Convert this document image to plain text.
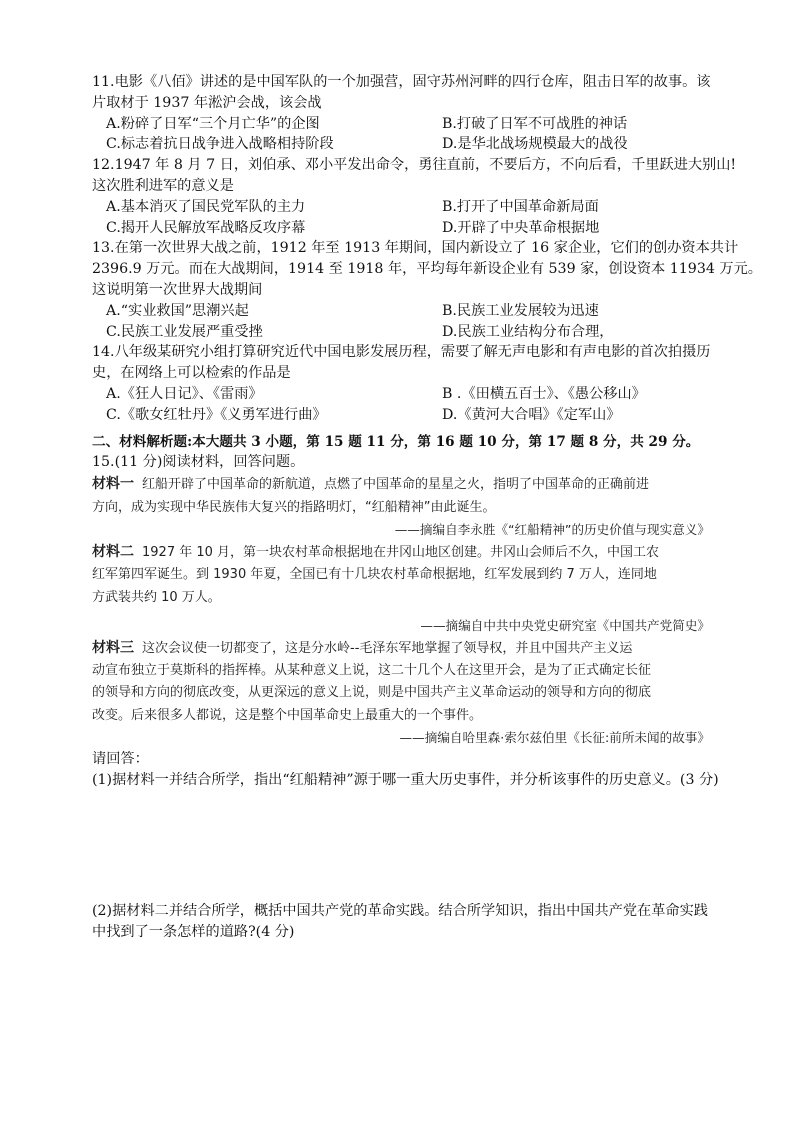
11.电影《八佰》讲述的是中国军队的一个加强营，固守苏州河畔的四行仓库，阻击日军的故事。该
片取材于 1937 年淞沪会战，该会战
A.粉碎了日军“三个月亡华”的企图	B.打破了日军不可战胜的神话
C.标志着抗日战争进入战略相持阶段	D.是华北战场规模最大的战役
12.1947 年 8 月 7 日，刘伯承、邓小平发出命令，勇往直前，不要后方，不向后看，千里跃进大别山!
这次胜利进军的意义是
A.基本消灭了国民党军队的主力	B.打开了中国革命新局面
C.揭开人民解放军战略反攻序幕	D.开辟了中央革命根据地
13.在第一次世界大战之前，1912 年至 1913 年期间，国内新设立了 16 家企业，它们的创办资本共计
2396.9 万元。而在大战期间，1914 至 1918 年，平均每年新设企业有 539 家，创设资本 11934 万元。
这说明第一次世界大战期间
A.“实业救国”思潮兴起	B.民族工业发展较为迅速
C.民族工业发展严重受挫	D.民族工业结构分布合理，
14.八年级某研究小组打算研究近代中国电影发展历程，需要了解无声电影和有声电影的首次拍摄历
史，在网络上可以检索的作品是
A.《狂人日记》、《雷雨》	B .《田横五百士》、《愚公移山》
C.《歌女红牡丹》《义勇军进行曲》	D.《黄河大合唱》《定军山》
二、材料解析题:本大题共 3 小题，第 15 题 11 分，第 16 题 10 分，第 17 题 8 分，共 29 分。
15.(11 分)阅读材料，回答问题。
材料一 红船开辟了中国革命的新航道，点燃了中国革命的星星之火，指明了中国革命的正确前进
方向，成为实现中华民族伟大复兴的指路明灯，“红船精神”由此诞生。
——摘编自李永胜《“红船精神”的历史价值与现实意义》
材料二 1927 年 10 月，第一块农村革命根据地在井冈山地区创建。井冈山会师后不久，中国工农
红军第四军诞生。到 1930 年夏，全国已有十几块农村革命根据地，红军发展到约 7 万人，连同地
方武装共约 10 万人。
——摘编自中共中央党史研究室《中国共产党简史》
材料三 这次会议使一切都变了，这是分水岭--毛泽东军地掌握了领导权，并且中国共产主义运
动宣布独立于莫斯科的指挥棒。从某种意义上说，这二十几个人在这里开会，是为了正式确定长征
的领导和方向的彻底改变，从更深远的意义上说，则是中国共产主义革命运动的领导和方向的彻底
改变。后来很多人都说，这是整个中国革命史上最重大的一个事件。
——摘编自哈里森·索尔兹伯里《长征:前所未闻的故事》
请回答：
(1)据材料一并结合所学，指出“红船精神”源于哪一重大历史事件，并分析该事件的历史意义。(3 分)
(2)据材料二并结合所学，概括中国共产党的革命实践。结合所学知识，指出中国共产党在革命实践
中找到了一条怎样的道路?(4 分)
